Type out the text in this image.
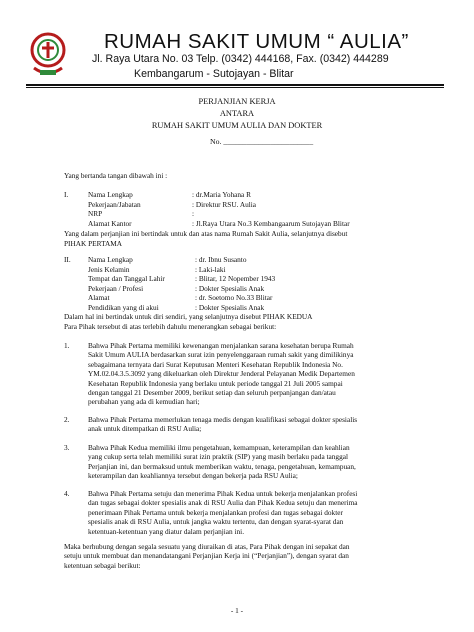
RUMAH SAKIT UMUM “ AULIA”
Jl. Raya Utara No. 03 Telp. (0342) 444168, Fax. (0342) 444289
Kembangarum - Sutojayan - Blitar
PERJANJIAN KERJA
ANTARA
RUMAH SAKIT UMUM AULIA DAN DOKTER
No. _______________________
Yang bertanda tangan dibawah ini :
I.	Nama Lengkap	: dr.Maria Yohana R
Pekerjaan/Jabatan	: Direktur RSU. Aulia
NRP	:
Alamat Kantor	: Jl.Raya Utara No.3 Kembangaarum Sutojayan Blitar
Yang dalam perjanjian ini bertindak untuk dan atas nama Rumah Sakit Aulia, selanjutnya disebut
PIHAK PERTAMA
II. Nama Lengkap	: dr. Ibnu Susanto
Jenis Kelamin	: Laki-laki
Tempat dan Tanggal Lahir	: Blitar, 12 Nopember 1943
Pekerjaan / Profesi	: Dokter Spesialis Anak
Alamat	: dr. Soetomo No.33 Blitar
Pendidikan yang di akui	: Dokter Spesialis Anak
Dalam hal ini bertindak untuk diri sendiri, yang selanjutnya disebut PIHAK KEDUA
Para Pihak tersebut di atas terlebih dahulu menerangkan sebagai berikut:
1.	Bahwa Pihak Pertama memiliki kewenangan menjalankan sarana kesehatan berupa Rumah
Sakit Umum AULIA berdasarkan surat izin penyelenggaraan rumah sakit yang dimilikinya
sebagaimana ternyata dari Surat Keputusan Menteri Kesehatan Republik Indonesia No.
YM.02.04.3.5.3092 yang dikeluarkan oleh Direktur Jenderal Pelayanan Medik Departemen
Kesehatan Republik Indonesia yang berlaku untuk periode tanggal 21 Juli 2005 sampai
dengan tanggal 21 Desember 2009, berikut setiap dan seluruh perpanjangan dan/atau
perubahan yang ada di kemudian hari;
2.	Bahwa Pihak Pertama memerlukan tenaga medis dengan kualifikasi sebagai dokter spesialis
anak untuk ditempatkan di RSU Aulia;
3.	Bahwa Pihak Kedua memiliki ilmu pengetahuan, kemampuan, keterampilan dan keahlian
yang cukup serta telah memiliki surat izin praktik (SIP) yang masih berlaku pada tanggal
Perjanjian ini, dan bermaksud untuk memberikan waktu, tenaga, pengetahuan, kemampuan,
keterampilan dan keahliannya tersebut dengan bekerja pada RSU Aulia;
4.	Bahwa Pihak Pertama setuju dan menerima Pihak Kedua untuk bekerja menjalankan profesi
dan tugas sebagai dokter spesialis anak di RSU Aulia dan Pihak Kedua setuju dan menerima
penerimaan Pihak Pertama untuk bekerja menjalankan profesi dan tugas sebagai dokter
spesialis anak di RSU Aulia, untuk jangka waktu tertentu, dan dengan syarat-syarat dan
ketentuan-ketentuan yang diatur dalam perjanjian ini.
Maka berhubung dengan segala sesuatu yang diuraikan di atas, Para Pihak dengan ini sepakat dan
setuju untuk membuat dan menandatangani Perjanjian Kerja ini (“Perjanjian”), dengan syarat dan
ketentuan sebagai berikut:
- 1 -
